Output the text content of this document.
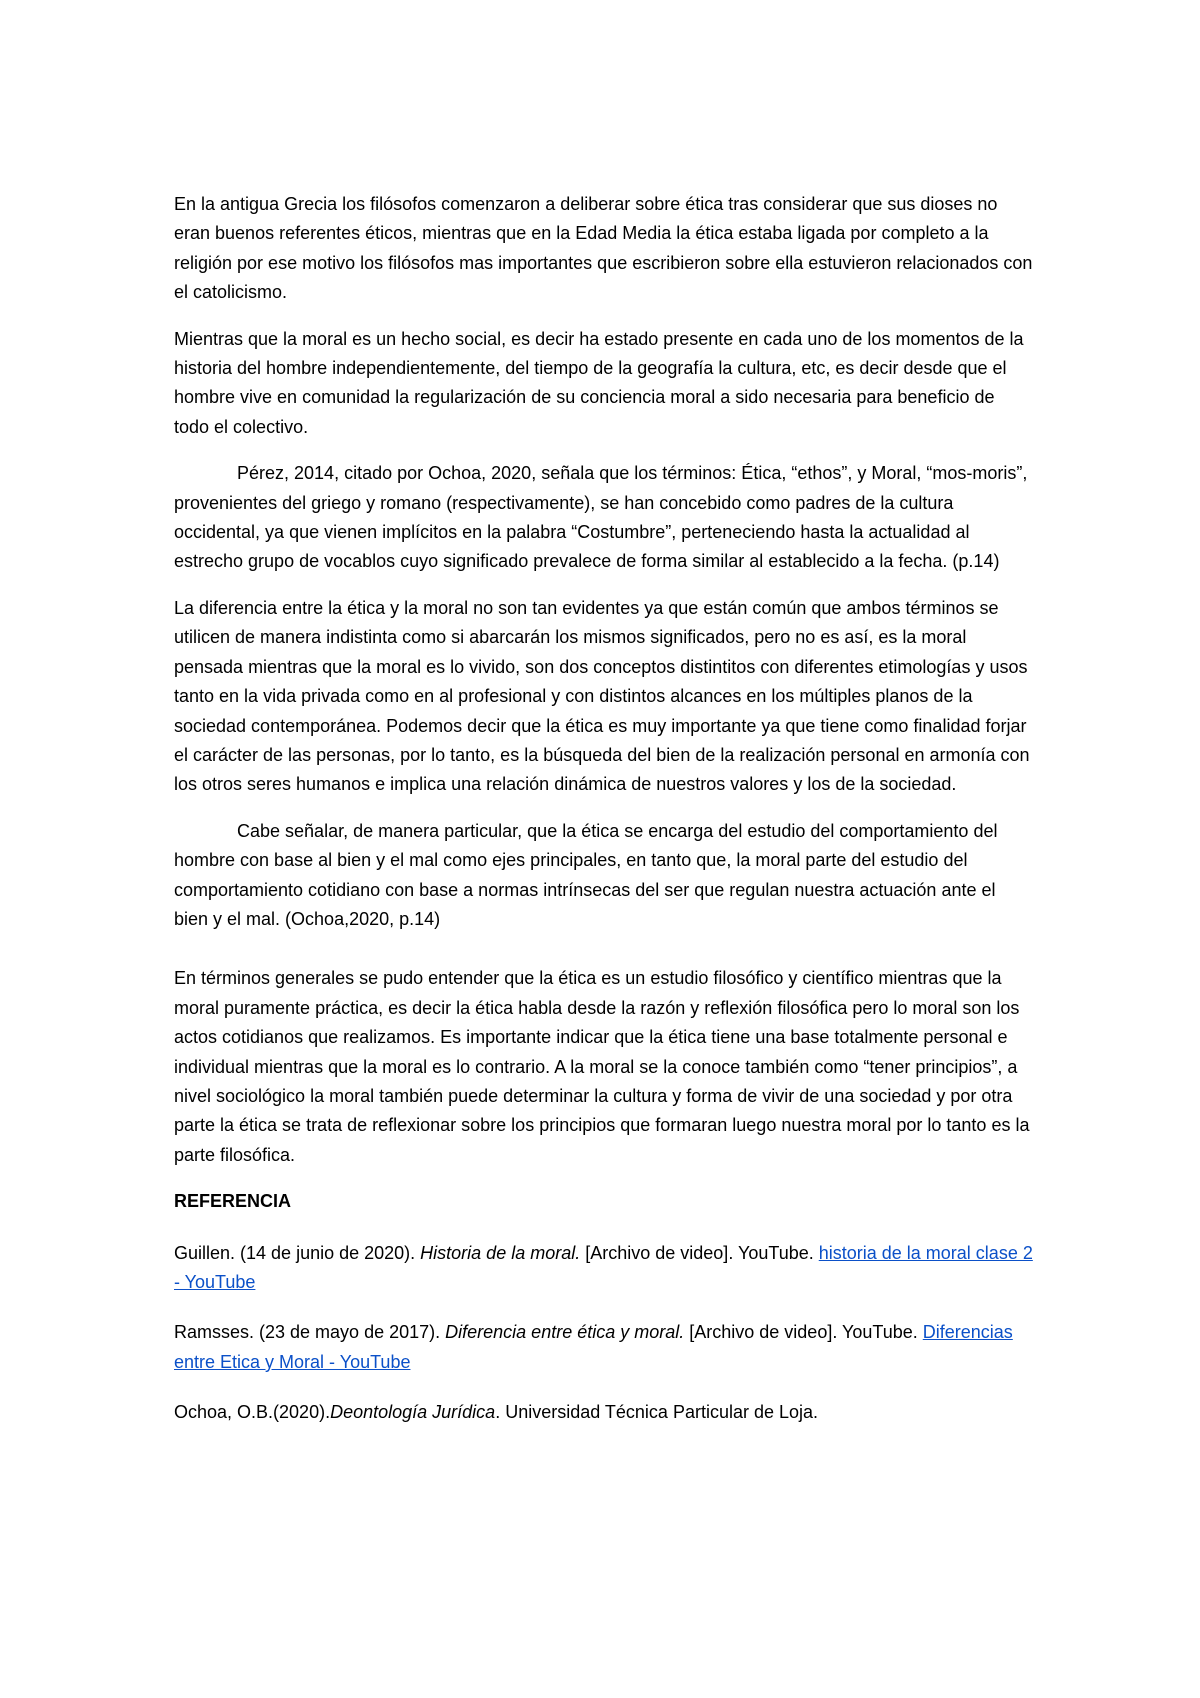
En la antigua Grecia los filósofos comenzaron a deliberar sobre ética tras considerar que sus dioses no eran buenos referentes éticos, mientras que en la Edad Media la ética estaba ligada por completo a la religión por ese motivo los filósofos mas importantes que escribieron sobre ella estuvieron relacionados con el catolicismo.

Mientras que la moral es un hecho social, es decir ha estado presente en cada uno de los momentos de la historia del hombre independientemente, del tiempo de la geografía la cultura, etc, es decir desde que el hombre vive en comunidad la regularización de su conciencia moral a sido necesaria para beneficio de todo el colectivo.

Pérez, 2014, citado por Ochoa, 2020, señala que los términos: Ética, “ethos”, y Moral, “mos-moris”, provenientes del griego y romano (respectivamente), se han concebido como padres de la cultura occidental, ya que vienen implícitos en la palabra “Costumbre”, perteneciendo hasta la actualidad al estrecho grupo de vocablos cuyo significado prevalece de forma similar al establecido a la fecha. (p.14)

La diferencia entre la ética y la moral no son tan evidentes ya que están común que ambos términos se utilicen de manera indistinta como si abarcarán los mismos significados, pero no es así, es la moral pensada mientras que la moral es lo vivido, son dos conceptos distintitos con diferentes etimologías y usos tanto en la vida privada como en al profesional y con distintos alcances en los múltiples planos de la sociedad contemporánea. Podemos decir que la ética es muy importante ya que tiene como finalidad forjar el carácter de las personas, por lo tanto, es la búsqueda del bien de la realización personal en armonía con los otros seres humanos e implica una relación dinámica de nuestros valores y los de la sociedad.

Cabe señalar, de manera particular, que la ética se encarga del estudio del comportamiento del hombre con base al bien y el mal como ejes principales, en tanto que, la moral parte del estudio del comportamiento cotidiano con base a normas intrínsecas del ser que regulan nuestra actuación ante el bien y el mal. (Ochoa,2020, p.14)

En términos generales se pudo entender que la ética es un estudio filosófico y científico mientras que la moral puramente práctica, es decir la ética habla desde la razón y reflexión filosófica pero lo moral son los actos cotidianos que realizamos. Es importante indicar que la ética tiene una base totalmente personal e individual mientras que la moral es lo contrario. A la moral se la conoce también como “tener principios”, a nivel sociológico la moral también puede determinar la cultura y forma de vivir de una sociedad y por otra parte la ética se trata de reflexionar sobre los principios que formaran luego nuestra moral por lo tanto es la parte filosófica.

REFERENCIA

Guillen. (14 de junio de 2020). Historia de la moral. [Archivo de video]. YouTube. historia de la moral clase 2 - YouTube

Ramsses. (23 de mayo de 2017). Diferencia entre ética y moral. [Archivo de video]. YouTube. Diferencias entre Etica y Moral - YouTube

Ochoa, O.B.(2020).Deontología Jurídica. Universidad Técnica Particular de Loja.
